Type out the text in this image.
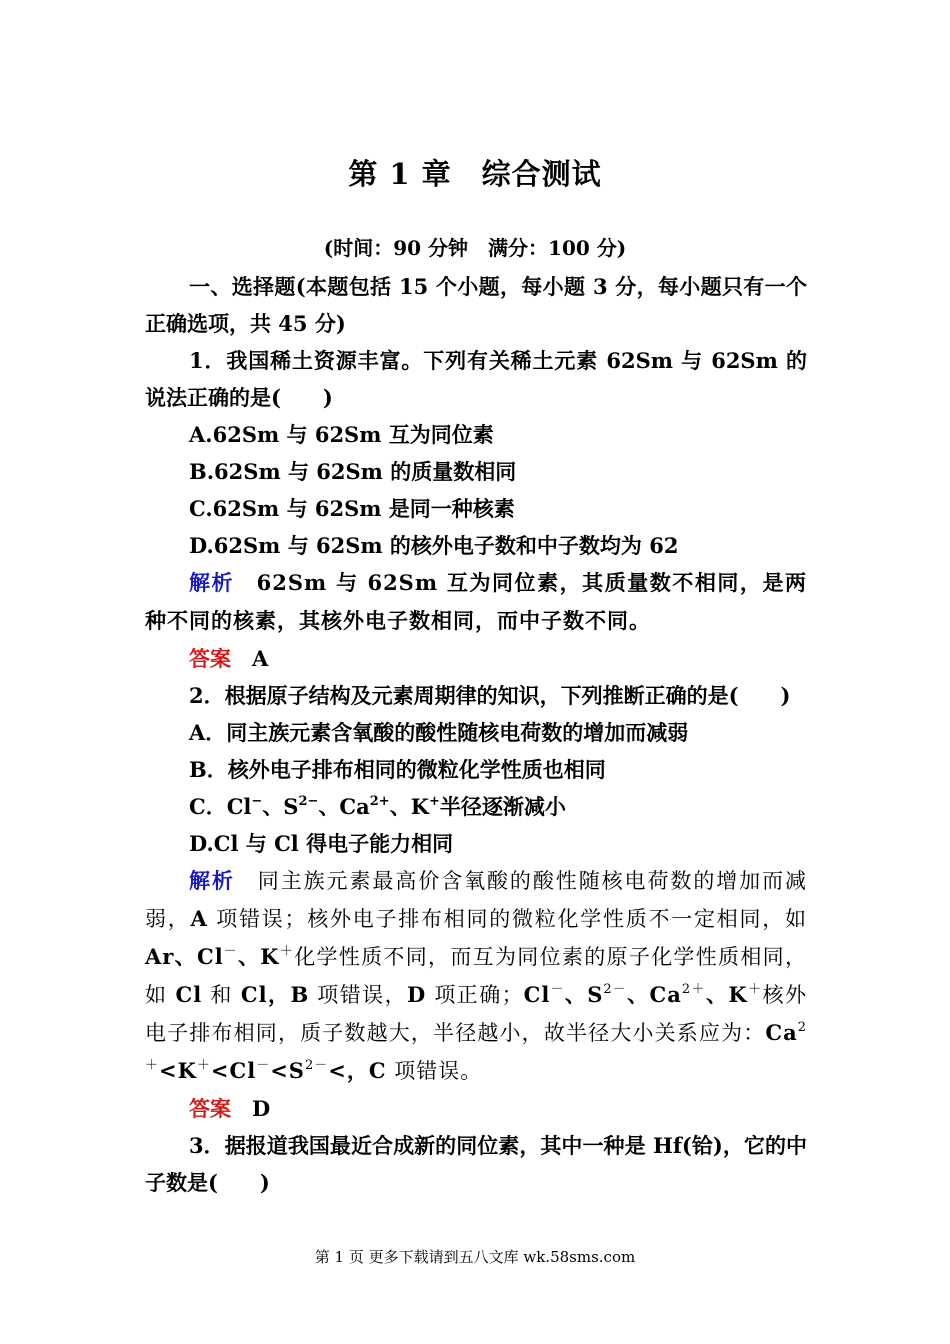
第 1 章　综合测试
(时间：90 分钟　满分：100 分)

一、选择题(本题包括 15 个小题，每小题 3 分，每小题只有一个正确选项，共 45 分)

1．我国稀土资源丰富。下列有关稀土元素 62Sm 与 62Sm 的说法正确的是(　　)

A.62Sm 与 62Sm 互为同位素

B.62Sm 与 62Sm 的质量数相同

C.62Sm 与 62Sm 是同一种核素

D.62Sm 与 62Sm 的核外电子数和中子数均为 62

解析　62Sm 与 62Sm 互为同位素，其质量数不相同，是两种不同的核素，其核外电子数相同，而中子数不同。

答案　A

2．根据原子结构及元素周期律的知识，下列推断正确的是(　　)

A．同主族元素含氧酸的酸性随核电荷数的增加而减弱

B．核外电子排布相同的微粒化学性质也相同

C．Cl−、$S^{2-}$、$Ca^{2+}$、K+半径逐渐减小

D.Cl 与 Cl 得电子能力相同

解析　同主族元素最高价含氧酸的酸性随核电荷数的增加而减弱，A 项错误；核外电子排布相同的微粒化学性质不一定相同，如 Ar、Cl－、K＋化学性质不同，而互为同位素的原子化学性质相同，如 Cl 和 Cl，B 项错误，D 项正确；Cl－、$S^{2-}$、$Ca^{2+}$、K＋核外电子排布相同，质子数越大，半径越小，故半径大小关系应为：$Ca^{2+}<K^+<Cl^-<S^{2-}<$，C 项错误。

答案　D

3．据报道我国最近合成新的同位素，其中一种是 Hf(铪)，它的中子数是(　　)

第 1 页 更多下载请到五八文库 wk.58sms.com
